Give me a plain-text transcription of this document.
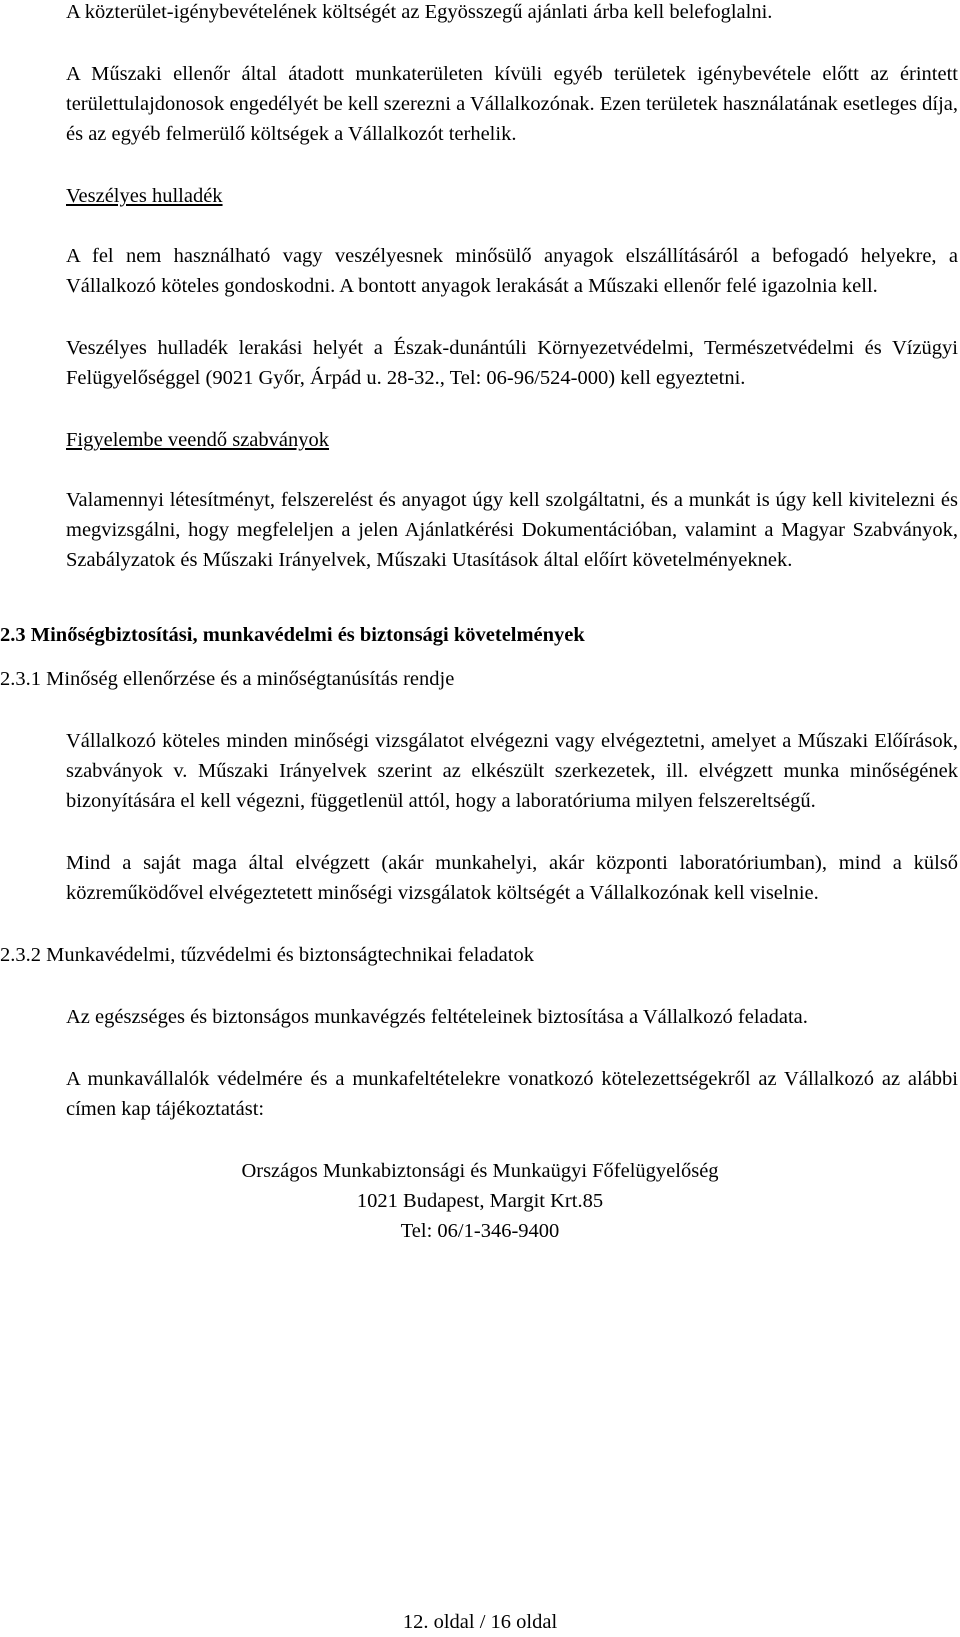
A közterület-igénybevételének költségét az Egyösszegű ajánlati árba kell belefoglalni.

A Műszaki ellenőr által átadott munkaterületen kívüli egyéb területek igénybevétele előtt az érintett területtulajdonosok engedélyét be kell szerezni a Vállalkozónak. Ezen területek használatának esetleges díja, és az egyéb felmerülő költségek a Vállalkozót terhelik.

Veszélyes hulladék

A fel nem használható vagy veszélyesnek minősülő anyagok elszállításáról a befogadó helyekre, a Vállalkozó köteles gondoskodni. A bontott anyagok lerakását a Műszaki ellenőr felé igazolnia kell.

Veszélyes hulladék lerakási helyét a Észak-dunántúli Környezetvédelmi, Természetvédelmi és Vízügyi Felügyelőséggel (9021 Győr, Árpád u. 28-32., Tel: 06-96/524-000) kell egyeztetni.

Figyelembe veendő szabványok

Valamennyi létesítményt, felszerelést és anyagot úgy kell szolgáltatni, és a munkát is úgy kell kivitelezni és megvizsgálni, hogy megfeleljen a jelen Ajánlatkérési Dokumentációban, valamint a Magyar Szabványok, Szabályzatok és Műszaki Irányelvek, Műszaki Utasítások által előírt követelményeknek.

2.3 Minőségbiztosítási, munkavédelmi és biztonsági követelmények

2.3.1 Minőség ellenőrzése és a minőségtanúsítás rendje

Vállalkozó köteles minden minőségi vizsgálatot elvégezni vagy elvégeztetni, amelyet a Műszaki Előírások, szabványok v. Műszaki Irányelvek szerint az elkészült szerkezetek, ill. elvégzett munka minőségének bizonyítására el kell végezni, függetlenül attól, hogy a laboratóriuma milyen felszereltségű.

Mind a saját maga által elvégzett (akár munkahelyi, akár központi laboratóriumban), mind a külső közreműködővel elvégeztetett minőségi vizsgálatok költségét a Vállalkozónak kell viselnie.

2.3.2 Munkavédelmi, tűzvédelmi és biztonságtechnikai feladatok

Az egészséges és biztonságos munkavégzés feltételeinek biztosítása a Vállalkozó feladata.

A munkavállalók védelmére és a munkafeltételekre vonatkozó kötelezettségekről az Vállalkozó az alábbi címen kap tájékoztatást:

Országos Munkabiztonsági és Munkaügyi Főfelügyelőség

1021 Budapest, Margit Krt.85

Tel: 06/1-346-9400

12. oldal / 16 oldal
